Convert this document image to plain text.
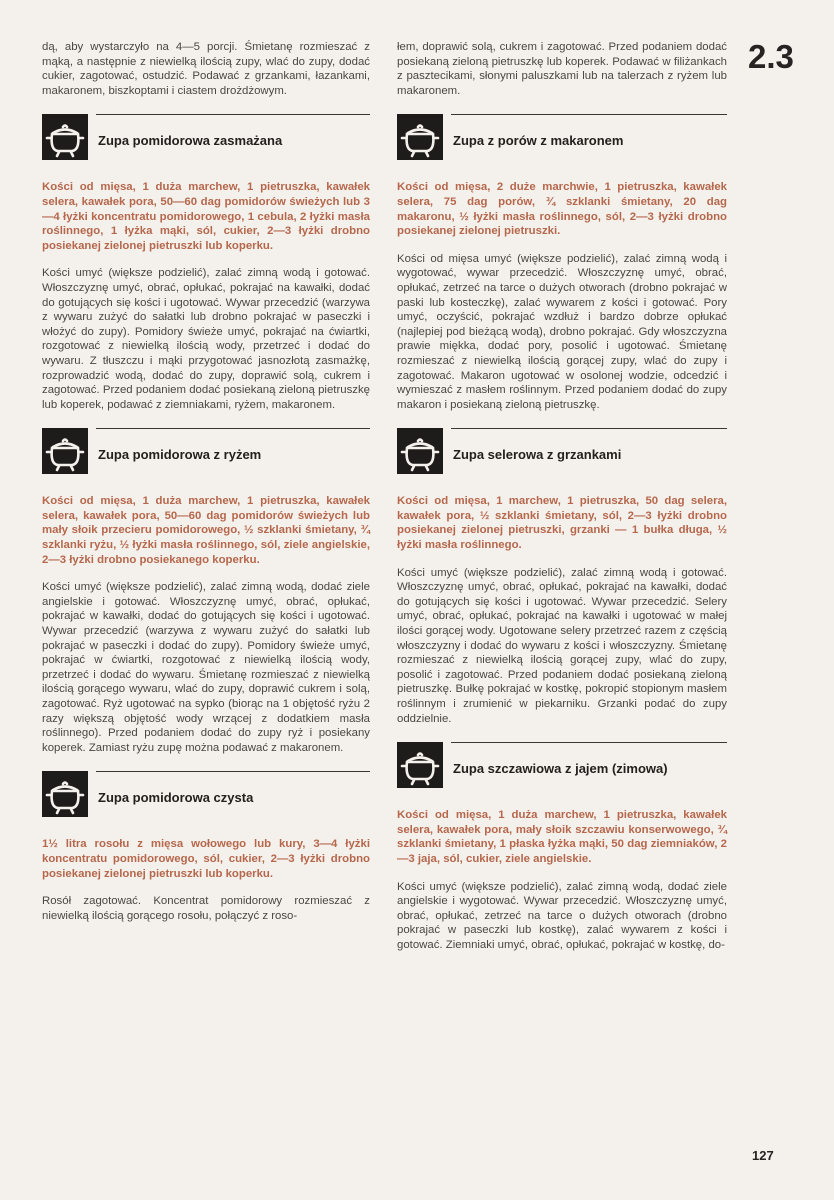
2.3

dą, aby wystarczyło na 4—5 porcji. Śmietanę rozmieszać z mąką, a następnie z niewielką ilością zupy, wlać do zupy, dodać cukier, zagotować, ostudzić. Podawać z grzankami, łazankami, makaronem, biszkoptami i ciastem drożdżowym.

Zupa pomidorowa zasmażana

Kości od mięsa, 1 duża marchew, 1 pietruszka, kawałek selera, kawałek pora, 50—60 dag pomidorów świeżych lub 3—4 łyżki koncentratu pomidorowego, 1 cebula, 2 łyżki masła roślinnego, 1 łyżka mąki, sól, cukier, 2—3 łyżki drobno posiekanej zielonej pietruszki lub koperku.

Kości umyć (większe podzielić), zalać zimną wodą i gotować. Włoszczyznę umyć, obrać, opłukać, pokrajać na kawałki, dodać do gotujących się kości i ugotować. Wywar przecedzić (warzywa z wywaru zużyć do sałatki lub drobno pokrajać w paseczki i włożyć do zupy). Pomidory świeże umyć, pokrajać na ćwiartki, rozgotować z niewielką ilością wody, przetrzeć i dodać do wywaru. Z tłuszczu i mąki przygotować jasnozłotą zasmażkę, rozprowadzić wodą, dodać do zupy, doprawić solą, cukrem i zagotować. Przed podaniem dodać posiekaną zieloną pietruszkę lub koperek, podawać z ziemniakami, ryżem, makaronem.

Zupa pomidorowa z ryżem

Kości od mięsa, 1 duża marchew, 1 pietruszka, kawałek selera, kawałek pora, 50—60 dag pomidorów świeżych lub mały słoik przecieru pomidorowego, ½ szklanki śmietany, ¾ szklanki ryżu, ½ łyżki masła roślinnego, sól, ziele angielskie, 2—3 łyżki drobno posiekanego koperku.

Kości umyć (większe podzielić), zalać zimną wodą, dodać ziele angielskie i gotować. Włoszczyznę umyć, obrać, opłukać, pokrajać w kawałki, dodać do gotujących się kości i ugotować. Wywar przecedzić (warzywa z wywaru zużyć do sałatki lub pokrajać w paseczki i dodać do zupy). Pomidory świeże umyć, pokrajać w ćwiartki, rozgotować z niewielką ilością wody, przetrzeć i dodać do wywaru. Śmietanę rozmieszać z niewielką ilością gorącego wywaru, wlać do zupy, doprawić cukrem i solą, zagotować. Ryż ugotować na sypko (biorąc na 1 objętość ryżu 2 razy większą objętość wody wrzącej z dodatkiem masła roślinnego). Przed podaniem dodać do zupy ryż i posiekany koperek. Zamiast ryżu zupę można podawać z makaronem.

Zupa pomidorowa czysta

1½ litra rosołu z mięsa wołowego lub kury, 3—4 łyżki koncentratu pomidorowego, sól, cukier, 2—3 łyżki drobno posiekanej zielonej pietruszki lub koperku.

Rosół zagotować. Koncentrat pomidorowy rozmieszać z niewielką ilością gorącego rosołu, połączyć z roso-

łem, doprawić solą, cukrem i zagotować. Przed podaniem dodać posiekaną zieloną pietruszkę lub koperek. Podawać w filiżankach z pasztecikami, słonymi paluszkami lub na talerzach z ryżem lub makaronem.

Zupa z porów z makaronem

Kości od mięsa, 2 duże marchwie, 1 pietruszka, kawałek selera, 75 dag porów, ¾ szklanki śmietany, 20 dag makaronu, ½ łyżki masła roślinnego, sól, 2—3 łyżki drobno posiekanej zielonej pietruszki.

Kości od mięsa umyć (większe podzielić), zalać zimną wodą i wygotować, wywar przecedzić. Włoszczyznę umyć, obrać, opłukać, zetrzeć na tarce o dużych otworach (drobno pokrajać w paski lub kosteczkę), zalać wywarem z kości i gotować. Pory umyć, oczyścić, pokrajać wzdłuż i bardzo dobrze opłukać (najlepiej pod bieżącą wodą), drobno pokrajać. Gdy włoszczyzna prawie miękka, dodać pory, posolić i ugotować. Śmietanę rozmieszać z niewielką ilością gorącej zupy, wlać do zupy i zagotować. Makaron ugotować w osolonej wodzie, odcedzić i wymieszać z masłem roślinnym. Przed podaniem dodać do zupy makaron i posiekaną zieloną pietruszkę.

Zupa selerowa z grzankami

Kości od mięsa, 1 marchew, 1 pietruszka, 50 dag selera, kawałek pora, ½ szklanki śmietany, sól, 2—3 łyżki drobno posiekanej zielonej pietruszki, grzanki — 1 bułka długa, ½ łyżki masła roślinnego.

Kości umyć (większe podzielić), zalać zimną wodą i gotować. Włoszczyznę umyć, obrać, opłukać, pokrajać na kawałki, dodać do gotujących się kości i ugotować. Wywar przecedzić. Selery umyć, obrać, opłukać, pokrajać na kawałki i ugotować w małej ilości gorącej wody. Ugotowane selery przetrzeć razem z częścią włoszczyzny i dodać do wywaru z kości i włoszczyzny. Śmietanę rozmieszać z niewielką ilością gorącej zupy, wlać do zupy, posolić i zagotować. Przed podaniem dodać posiekaną zieloną pietruszkę. Bułkę pokrajać w kostkę, pokropić stopionym masłem roślinnym i zrumienić w piekarniku. Grzanki podać do zupy oddzielnie.

Zupa szczawiowa z jajem (zimowa)

Kości od mięsa, 1 duża marchew, 1 pietruszka, kawałek selera, kawałek pora, mały słoik szczawiu konserwowego, ¾ szklanki śmietany, 1 płaska łyżka mąki, 50 dag ziemniaków, 2—3 jaja, sól, cukier, ziele angielskie.

Kości umyć (większe podzielić), zalać zimną wodą, dodać ziele angielskie i wygotować. Wywar przecedzić. Włoszczyznę umyć, obrać, opłukać, zetrzeć na tarce o dużych otworach (drobno pokrajać w paseczki lub kostkę), zalać wywarem z kości i gotować. Ziemniaki umyć, obrać, opłukać, pokrajać w kostkę, do-

127
